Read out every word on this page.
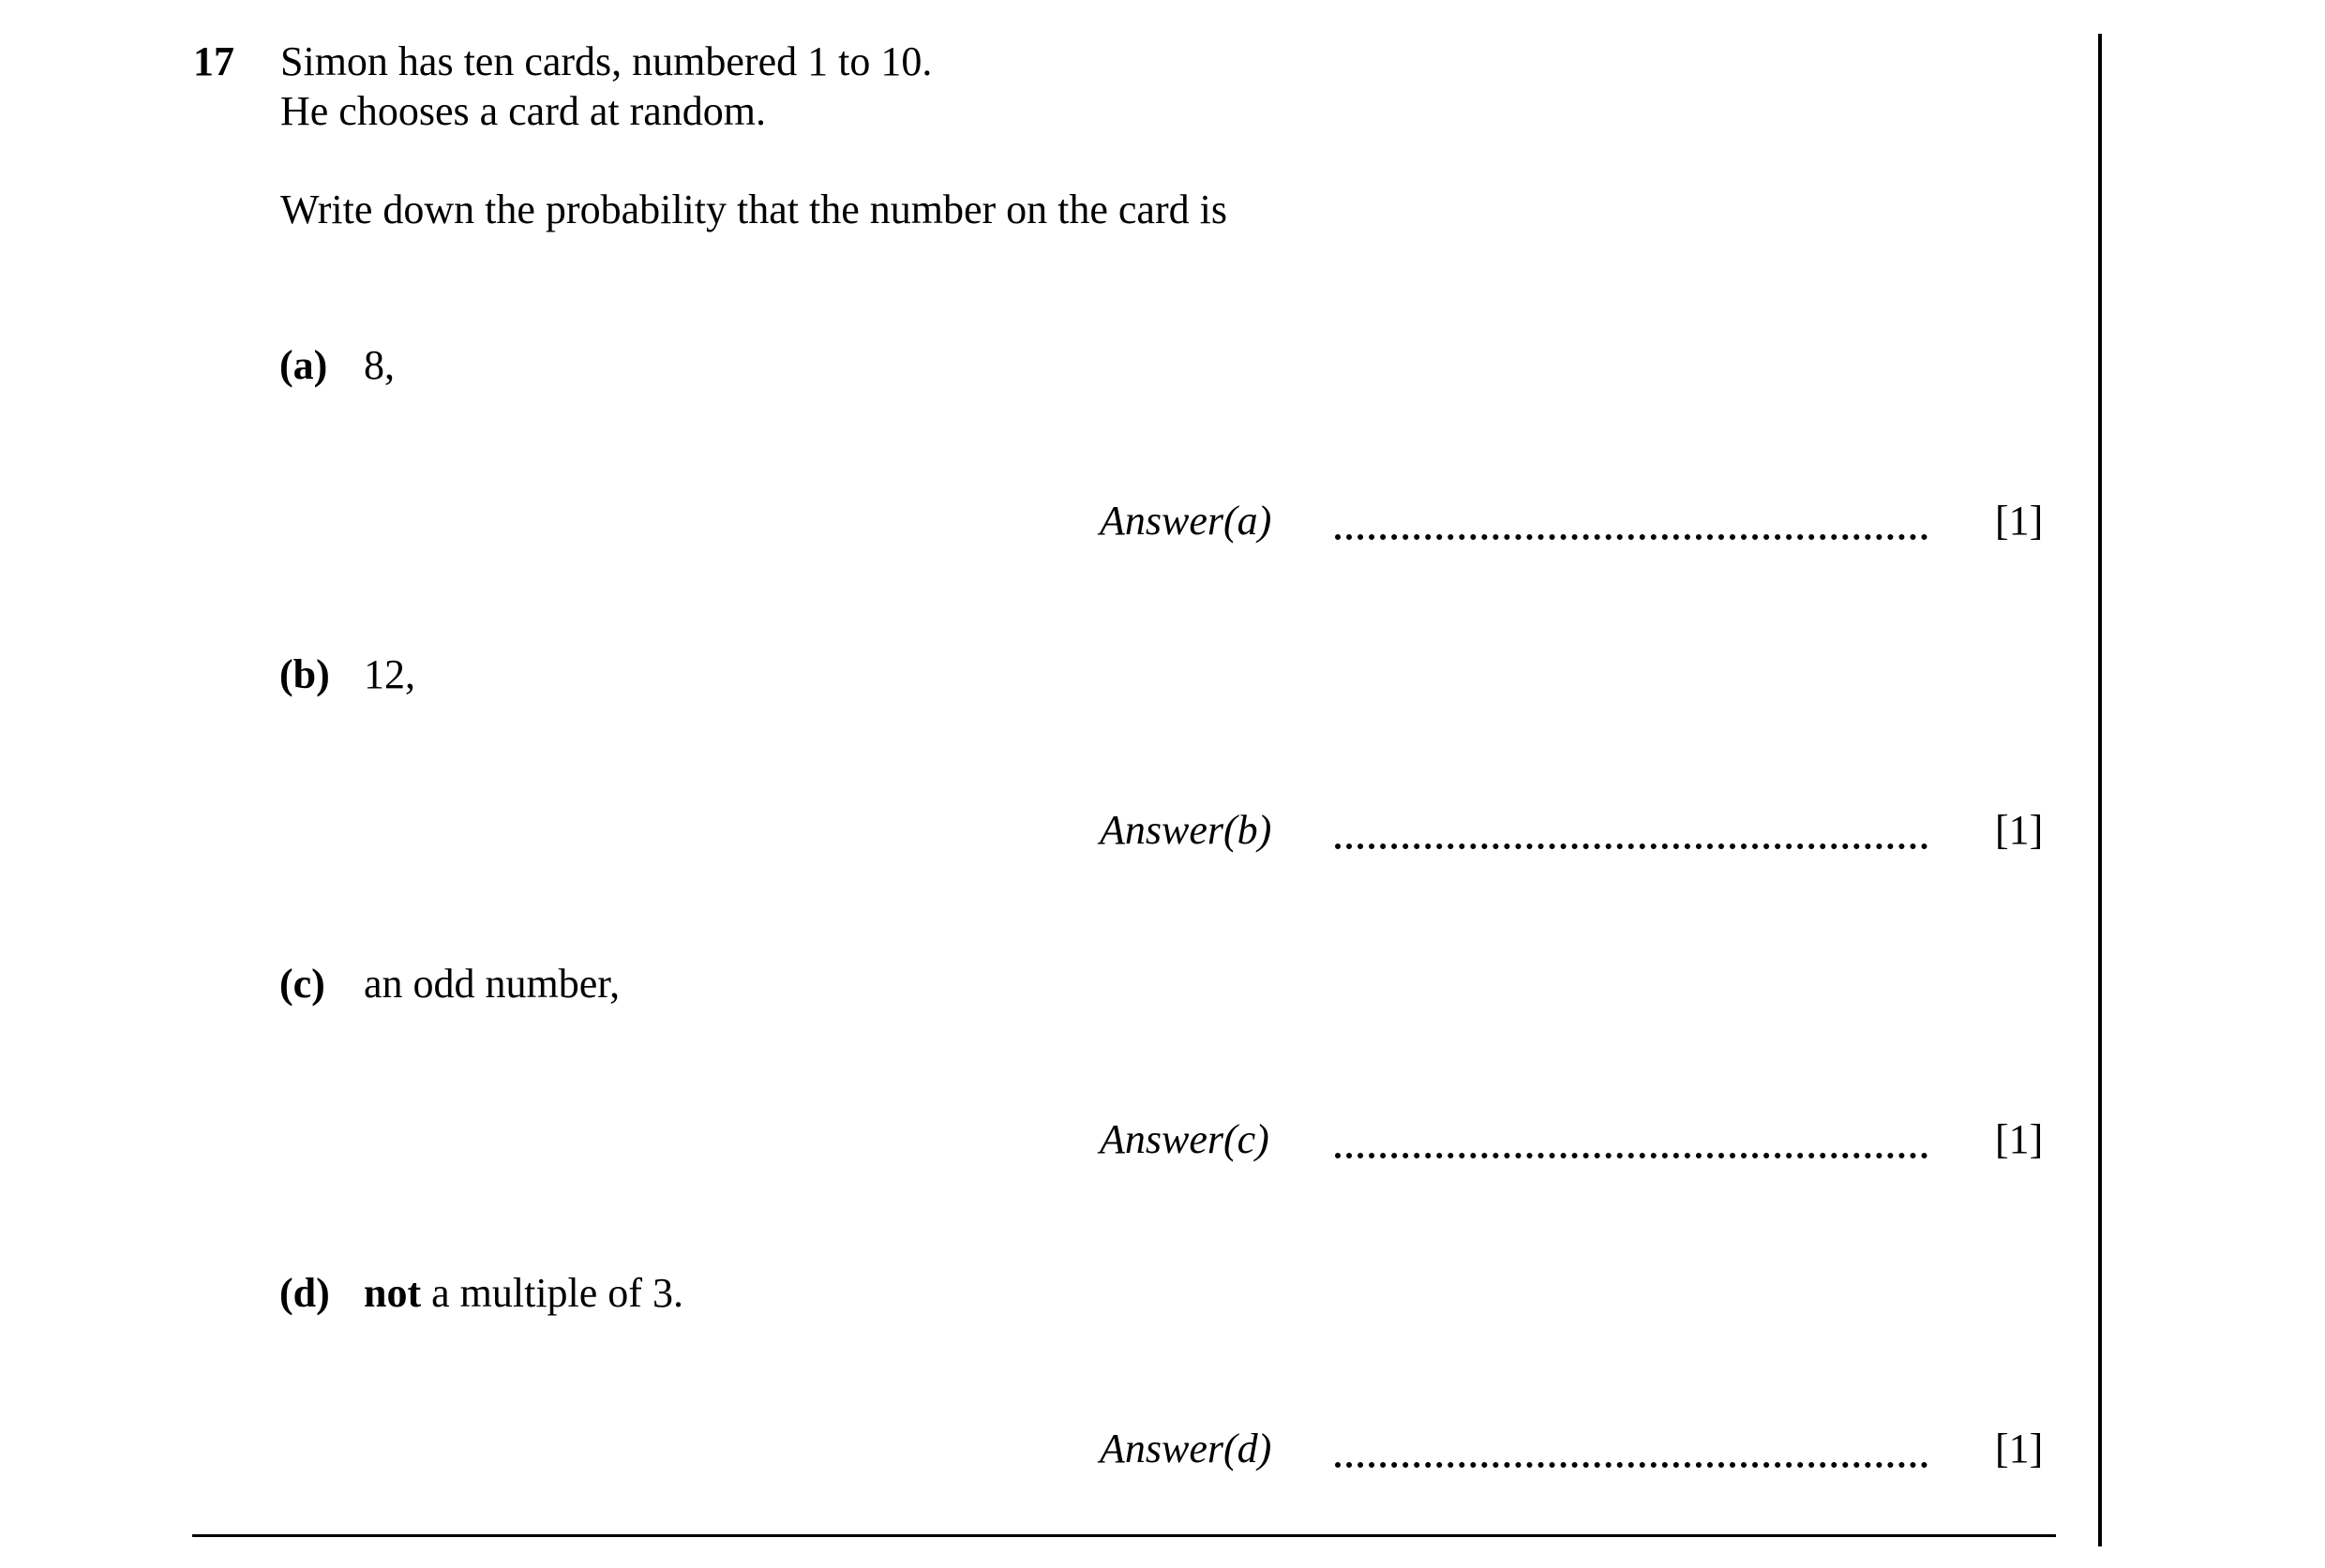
17 Simon has ten cards, numbered 1 to 10.
He chooses a card at random.
Write down the probability that the number on the card is
(a) 8,
Answer(a)	[1]
(b) 12,
Answer(b)	[1]
(c) an odd number,
Answer(c)	[1]
(d) not a multiple of 3.
Answer(d)	[1]
